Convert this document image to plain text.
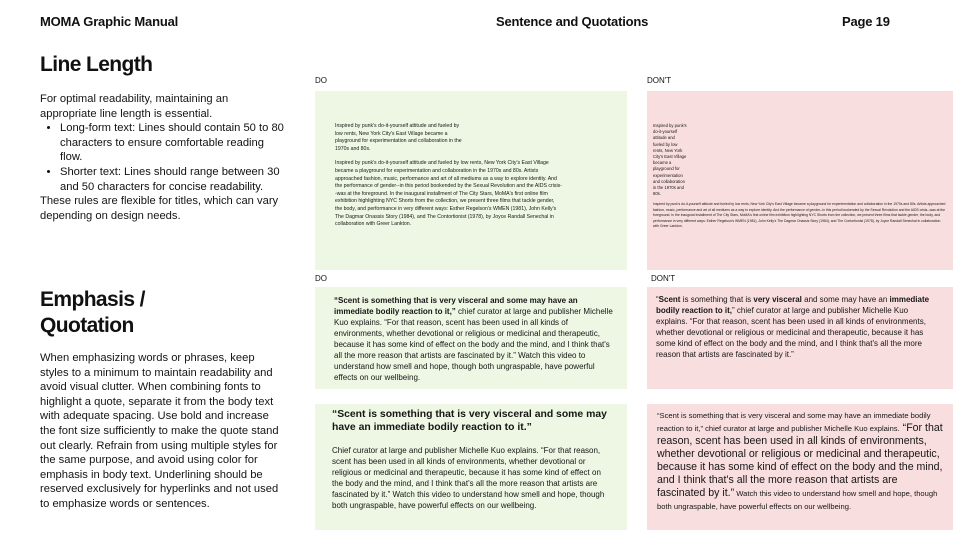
MOMA Graphic Manual	Sentence and Quotations	Page 19
Line Length

For optimal readability, maintaining an appropriate line length is essential.

• Long-form text: Lines should contain 50 to 80 characters to ensure comfortable reading flow.
• Shorter text: Lines should range between 30 and 50 characters for concise readability.

These rules are flexible for titles, which can vary depending on design needs.

Emphasis /
Quotation

When emphasizing words or phrases, keep styles to a minimum to maintain readability and avoid visual clutter. When combining fonts to highlight a quote, separate it from the body text with adequate spacing. Use bold and increase the font size sufficiently to make the quote stand out clearly. Refrain from using multiple styles for the same purpose, and avoid using color for emphasis in body text. Underlining should be reserved exclusively for hyperlinks and not used to emphasize words or sentences.

DO	DON'T

Inspired by punk's do-it-yourself attitude and fueled by low rents, New York City's East Village became a playground for experimentation and collaboration in the 1970s and 80s.

Inspired by punk's do-it-yourself attitude and fueled by low rents, New York City's East Village became a playground for experimentation and collaboration in the 1970s and 80s. Artists approached fashion, music, performance and art of all mediums as a way to explore identity. And the performance of gender--in this period bookended by the Sexual Revolution and the AIDS crisis--was at the foreground. In the inaugural installment of The City Stars, MoMA's first online film exhibition highlighting NYC Shorts from the collection, we present three films that tackle gender, the body, and performance in very different ways: Esther Regelson's WMEN (1981), John Kelly's The Dagmar Onassis Story (1984), and The Contortionist (1978), by Joyce Randall Senechal in collaboration with Greer Lankton.

Inspired by punk's do-it-yourself attitude and fueled by low rents, New York City's East Village became a playground for experimentation and collaboration in the 1970s and 80s.

Inspired by punk's do-it-yourself attitude and fueled by low rents, New York City's East Village became a playground for experimentation and collaboration in the 1970s and 80s. Artists approached fashion, music, performance and art of all mediums as a way to explore identity. And the performance of gender--in this period bookended by the Sexual Revolution and the AIDS crisis--was at the foreground. In the inaugural installment of The City Stars, MoMA's first online film exhibition highlighting NYC Shorts from the collection, we present three films that tackle gender, the body, and performance in very different ways: Esther Regelson's WMEN (1981), John Kelly's The Dagmar Onassis Story (1984), and The Contortionist (1978), by Joyce Randall Senechal in collaboration with Greer Lankton.

DO	DON'T

“Scent is something that is very visceral and some may have an immediate bodily reaction to it,” chief curator at large and publisher Michelle Kuo explains. “For that reason, scent has been used in all kinds of environments, whether devotional or religious or medicinal and therapeutic, because it has some kind of effect on the body and the mind, and I think that's all the more reason that artists are fascinated by it.” Watch this video to understand how smell and hope, though both ungraspable, have powerful effects on our wellbeing.

“Scent is something that is very visceral and some may have an immediate bodily reaction to it.”

Chief curator at large and publisher Michelle Kuo explains. “For that reason, scent has been used in all kinds of environments, whether devotional or religious or medicinal and therapeutic, because it has some kind of effect on the body and the mind, and I think that's all the more reason that artists are fascinated by it.” Watch this video to understand how smell and hope, though both ungraspable, have powerful effects on our wellbeing.

“Scent is something that is very visceral and some may have an immediate bodily reaction to it,” chief curator at large and publisher Michelle Kuo explains. “For that reason, scent has been used in all kinds of environments, whether devotional or religious or medicinal and therapeutic, because it has some kind of effect on the body and the mind, and I think that's all the more reason that artists are fascinated by it.”

“Scent is something that is very visceral and some may have an immediate bodily reaction to it,” chief curator at large and publisher Michelle Kuo explains. “For that reason, scent has been used in all kinds of environments, whether devotional or religious or medicinal and therapeutic, because it has some kind of effect on the body and the mind, and I think that's all the more reason that artists are fascinated by it.” Watch this video to understand how smell and hope, though both ungraspable, have powerful effects on our wellbeing.
